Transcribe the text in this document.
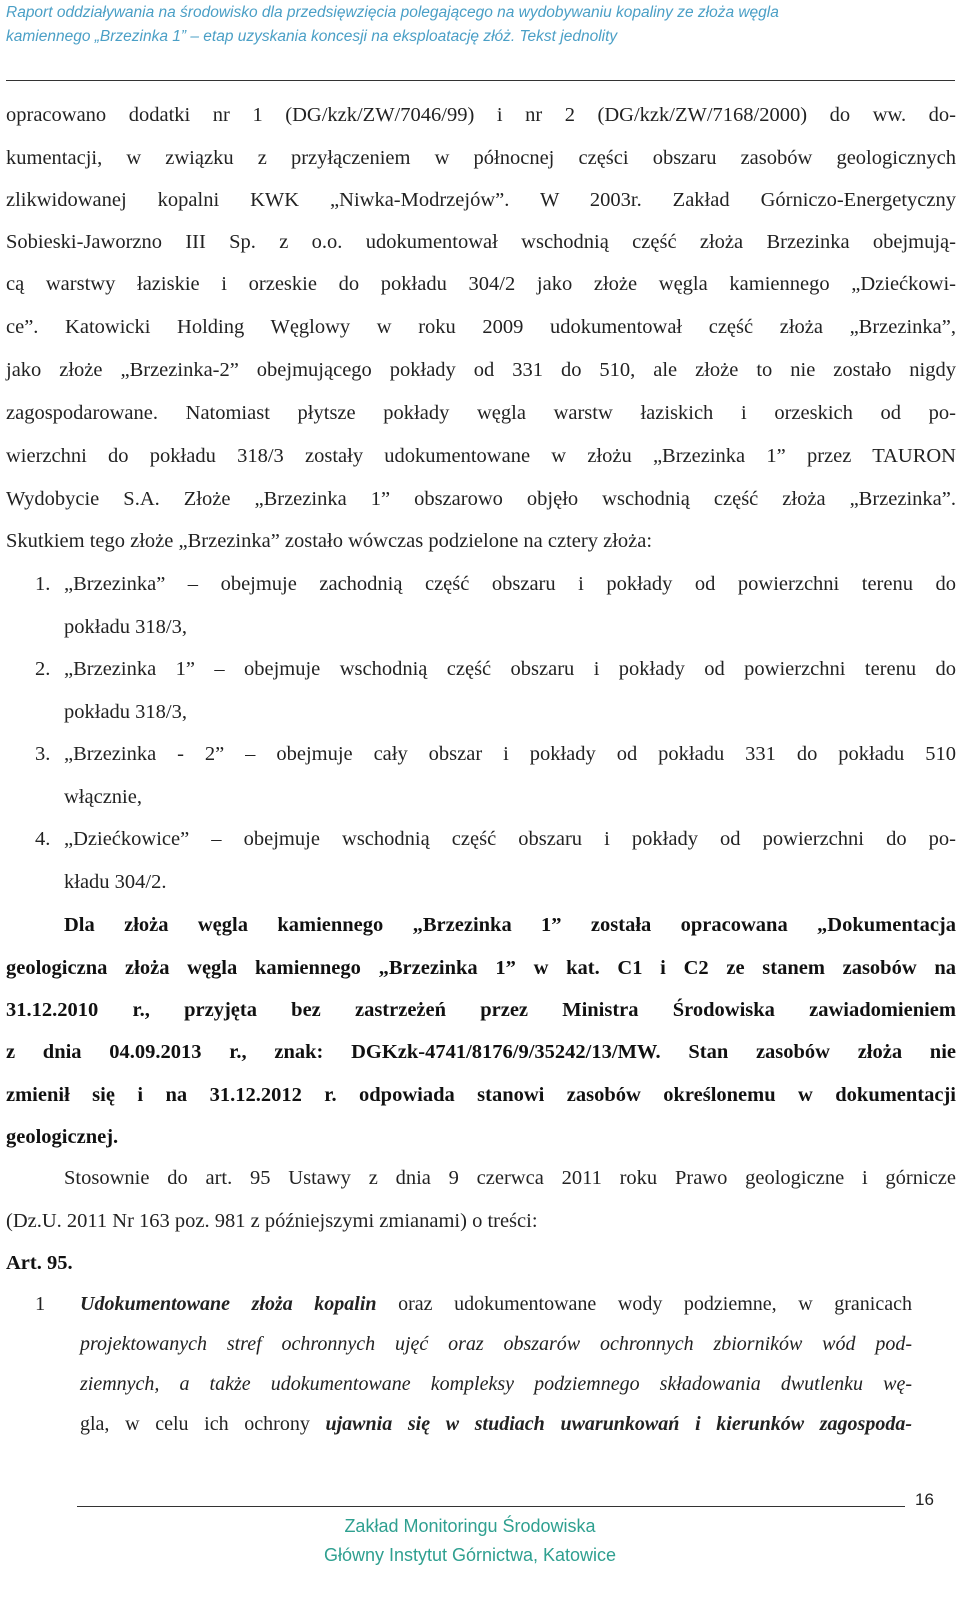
Raport oddziaływania na środowisko dla przedsięwzięcia polegającego na wydobywaniu kopaliny ze złoża węgla
kamiennego „Brzezinka 1” – etap uzyskania koncesji na eksploatację złóż. Tekst jednolity
opracowano dodatki nr 1 (DG/kzk/ZW/7046/99) i nr 2 (DG/kzk/ZW/7168/2000) do ww. do-
kumentacji, w związku z przyłączeniem w północnej części obszaru zasobów geologicznych
zlikwidowanej kopalni KWK „Niwka-Modrzejów”. W 2003r. Zakład Górniczo-Energetyczny
Sobieski-Jaworzno III Sp. z o.o. udokumentował wschodnią część złoża Brzezinka obejmują-
cą warstwy łaziskie i orzeskie do pokładu 304/2 jako złoże węgla kamiennego „Dziećkowi-
ce”. Katowicki Holding Węglowy w roku 2009 udokumentował część złoża „Brzezinka”,
jako złoże „Brzezinka-2” obejmującego pokłady od 331 do 510, ale złoże to nie zostało nigdy
zagospodarowane. Natomiast płytsze pokłady węgla warstw łaziskich i orzeskich od po-
wierzchni do pokładu 318/3 zostały udokumentowane w złożu „Brzezinka 1” przez TAURON
Wydobycie S.A. Złoże „Brzezinka 1” obszarowo objęło wschodnią część złoża „Brzezinka”.
Skutkiem tego złoże „Brzezinka” zostało wówczas podzielone na cztery złoża:
1. „Brzezinka” – obejmuje zachodnią część obszaru i pokłady od powierzchni terenu do
pokładu 318/3,
2. „Brzezinka 1” – obejmuje wschodnią część obszaru i pokłady od powierzchni terenu do
pokładu 318/3,
3. „Brzezinka - 2” – obejmuje cały obszar i pokłady od pokładu 331 do pokładu 510
włącznie,
4. „Dziećkowice” – obejmuje wschodnią część obszaru i pokłady od powierzchni do po-
kładu 304/2.
Dla złoża węgla kamiennego „Brzezinka 1” została opracowana „Dokumentacja
geologiczna złoża węgla kamiennego „Brzezinka 1” w kat. C1 i C2 ze stanem zasobów na
31.12.2010 r., przyjęta bez zastrzeżeń przez Ministra Środowiska zawiadomieniem
z dnia 04.09.2013 r., znak: DGKzk-4741/8176/9/35242/13/MW. Stan zasobów złoża nie
zmienił się i na 31.12.2012 r. odpowiada stanowi zasobów określonemu w dokumentacji
geologicznej.
Stosownie do art. 95 Ustawy z dnia 9 czerwca 2011 roku Prawo geologiczne i górnicze
(Dz.U. 2011 Nr 163 poz. 981 z późniejszymi zmianami) o treści:
Art. 95.
1 Udokumentowane złoża kopalin oraz udokumentowane wody podziemne, w granicach
projektowanych stref ochronnych ujęć oraz obszarów ochronnych zbiorników wód pod-
ziemnych, a także udokumentowane kompleksy podziemnego składowania dwutlenku wę-
gla, w celu ich ochrony ujawnia się w studiach uwarunkowań i kierunków zagospoda-
16
Zakład Monitoringu Środowiska
Główny Instytut Górnictwa, Katowice
